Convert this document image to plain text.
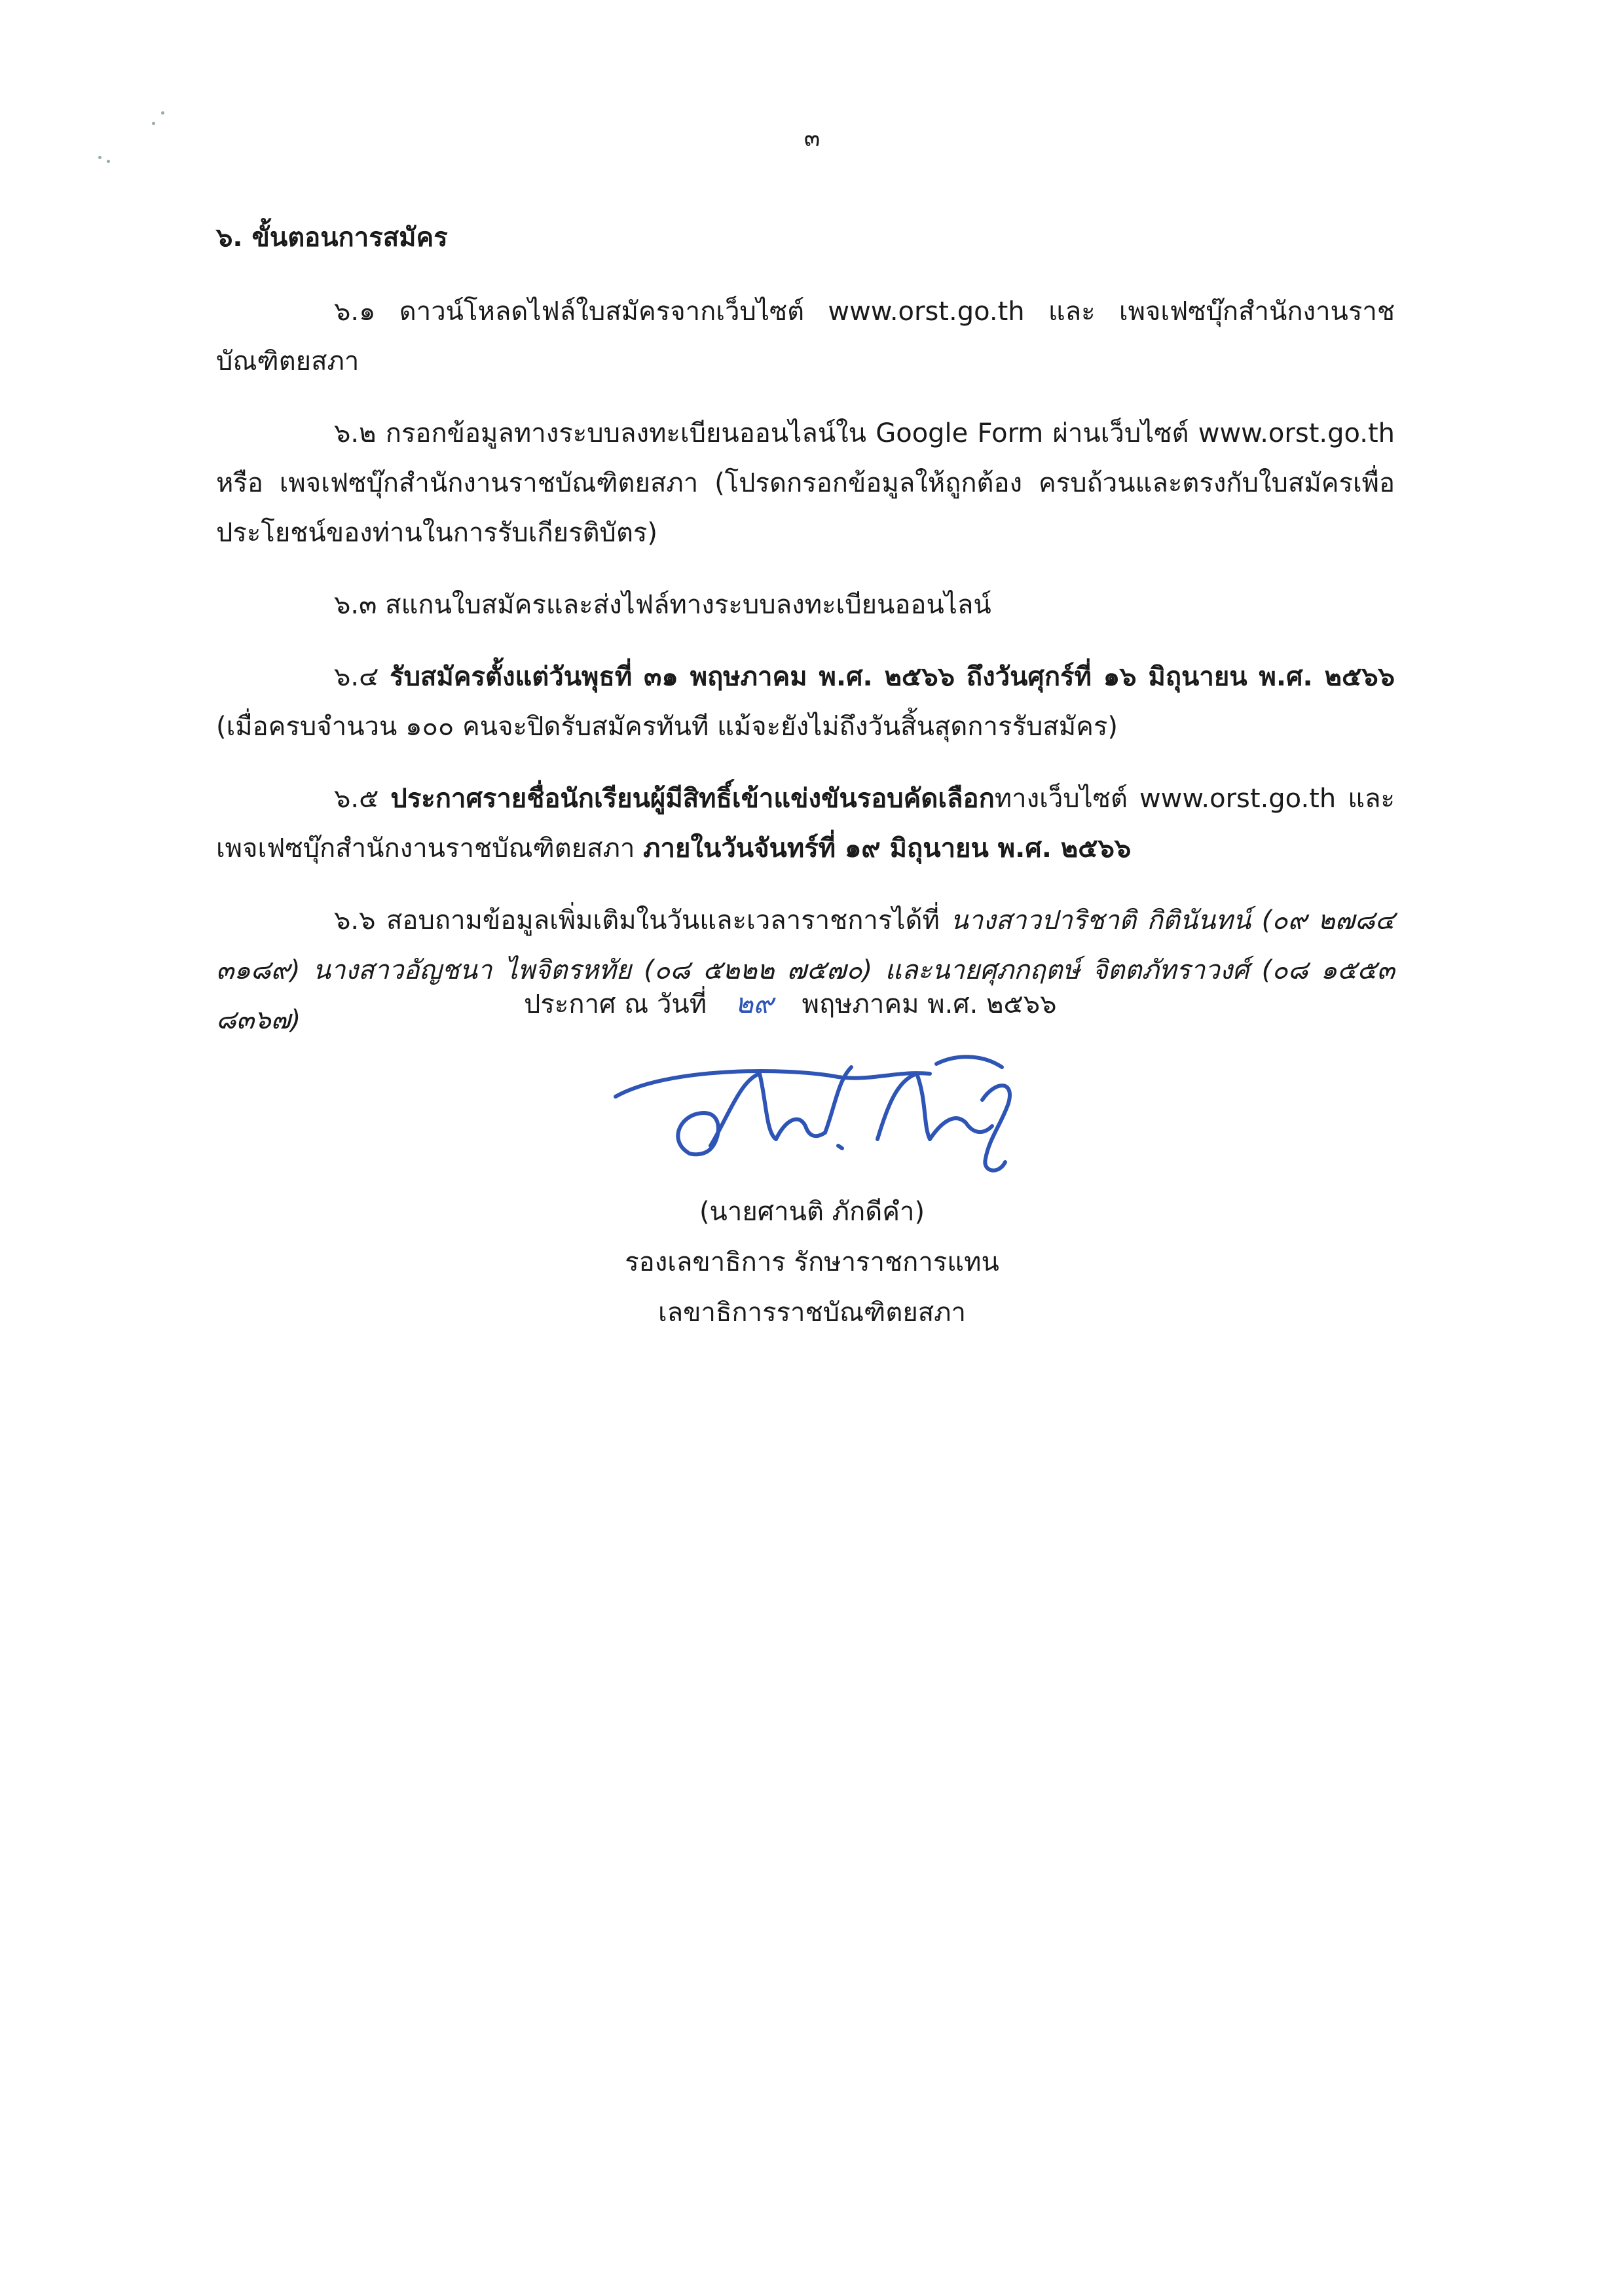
๓
๖. ขั้นตอนการสมัคร

๖.๑ ดาวน์โหลดไฟล์ใบสมัครจากเว็บไซต์ www.orst.go.th และ เพจเฟซบุ๊กสำนักงานราชบัณฑิตยสภา

๖.๒ กรอกข้อมูลทางระบบลงทะเบียนออนไลน์ใน Google Form ผ่านเว็บไซต์ www.orst.go.th หรือ เพจเฟซบุ๊กสำนักงานราชบัณฑิตยสภา (โปรดกรอกข้อมูลให้ถูกต้อง ครบถ้วนและตรงกับใบสมัครเพื่อประโยชน์ของท่านในการรับเกียรติบัตร)

๖.๓ สแกนใบสมัครและส่งไฟล์ทางระบบลงทะเบียนออนไลน์

๖.๔ รับสมัครตั้งแต่วันพุธที่ ๓๑ พฤษภาคม พ.ศ. ๒๕๖๖ ถึงวันศุกร์ที่ ๑๖ มิถุนายน พ.ศ. ๒๕๖๖ (เมื่อครบจำนวน ๑๐๐ คนจะปิดรับสมัครทันที แม้จะยังไม่ถึงวันสิ้นสุดการรับสมัคร)

๖.๕ ประกาศรายชื่อนักเรียนผู้มีสิทธิ์เข้าแข่งขันรอบคัดเลือกทางเว็บไซต์ www.orst.go.th และเพจเฟซบุ๊กสำนักงานราชบัณฑิตยสภา ภายในวันจันทร์ที่ ๑๙ มิถุนายน พ.ศ. ๒๕๖๖

๖.๖ สอบถามข้อมูลเพิ่มเติมในวันและเวลาราชการได้ที่ นางสาวปาริชาติ กิตินันทน์ (๐๙ ๒๗๘๔ ๓๑๘๙) นางสาวอัญชนา ไพจิตรหทัย (๐๘ ๕๒๒๒ ๗๕๗๐) และนายศุภกฤตษ์ จิตตภัทราวงศ์ (๐๘ ๑๕๕๓ ๘๓๖๗)

ประกาศ ณ วันที่ ๒๙ พฤษภาคม พ.ศ. ๒๕๖๖
(นายศานติ ภักดีคำ)
รองเลขาธิการ รักษาราชการแทน
เลขาธิการราชบัณฑิตยสภา
